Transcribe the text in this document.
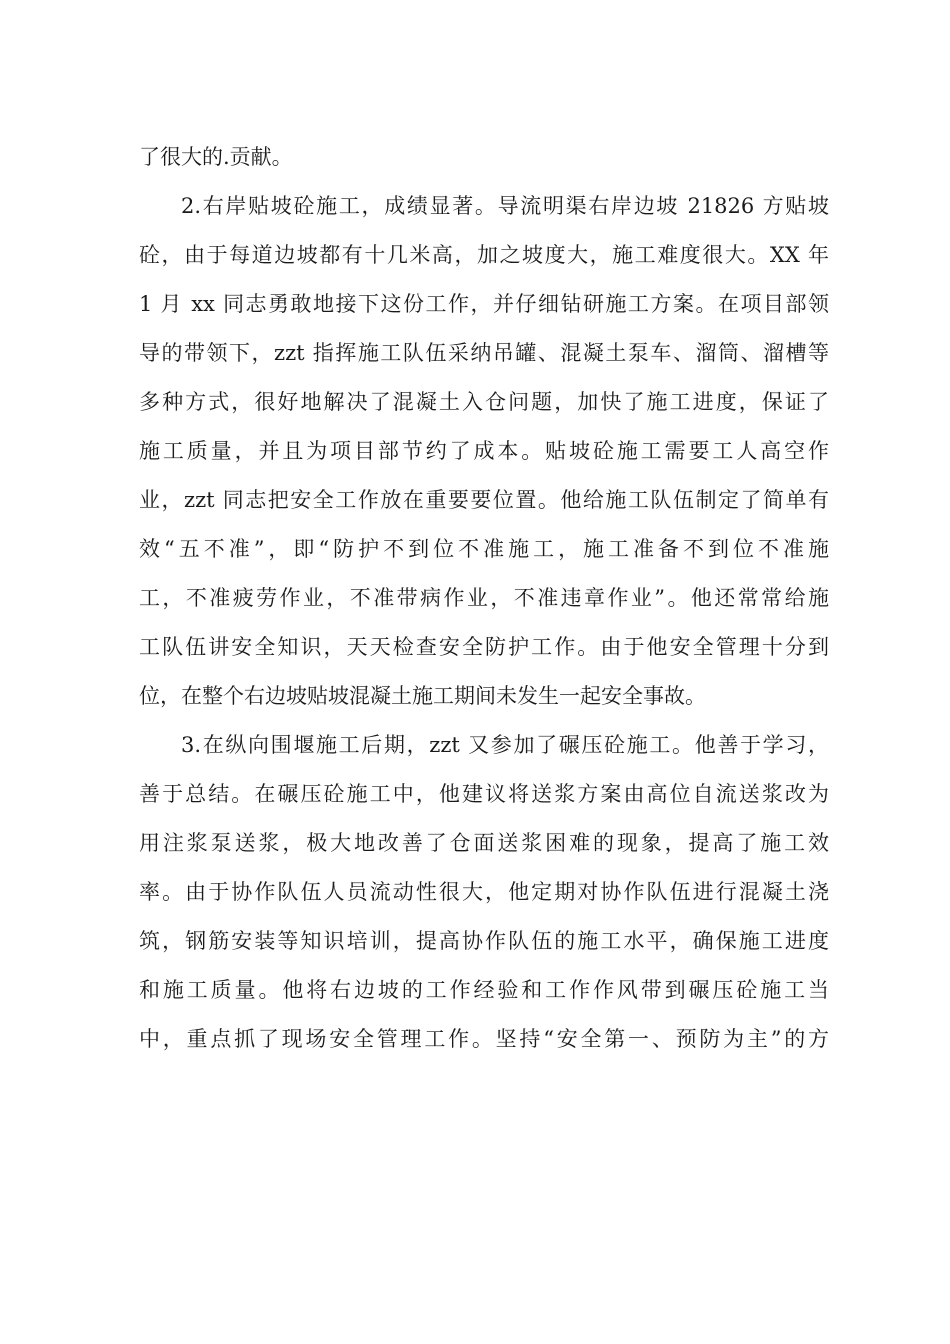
了很大的.贡献。
2.右岸贴坡砼施工，成绩显著。导流明渠右岸边坡 21826 方贴坡
砼，由于每道边坡都有十几米高，加之坡度大，施工难度很大。XX 年
1 月 xx 同志勇敢地接下这份工作，并仔细钻研施工方案。在项目部领
导的带领下，zzt 指挥施工队伍采纳吊罐、混凝土泵车、溜筒、溜槽等
多种方式，很好地解决了混凝土入仓问题，加快了施工进度，保证了
施工质量，并且为项目部节约了成本。贴坡砼施工需要工人高空作
业，zzt 同志把安全工作放在重要要位置。他给施工队伍制定了简单有
效“五不准”，即“防护不到位不准施工，施工准备不到位不准施
工，不准疲劳作业，不准带病作业，不准违章作业”。他还常常给施
工队伍讲安全知识，天天检查安全防护工作。由于他安全管理十分到
位，在整个右边坡贴坡混凝土施工期间未发生一起安全事故。
3.在纵向围堰施工后期，zzt 又参加了碾压砼施工。他善于学习，
善于总结。在碾压砼施工中，他建议将送浆方案由高位自流送浆改为
用注浆泵送浆，极大地改善了仓面送浆困难的现象，提高了施工效
率。由于协作队伍人员流动性很大，他定期对协作队伍进行混凝土浇
筑，钢筋安装等知识培训，提高协作队伍的施工水平，确保施工进度
和施工质量。他将右边坡的工作经验和工作作风带到碾压砼施工当
中，重点抓了现场安全管理工作。坚持“安全第一、预防为主”的方
